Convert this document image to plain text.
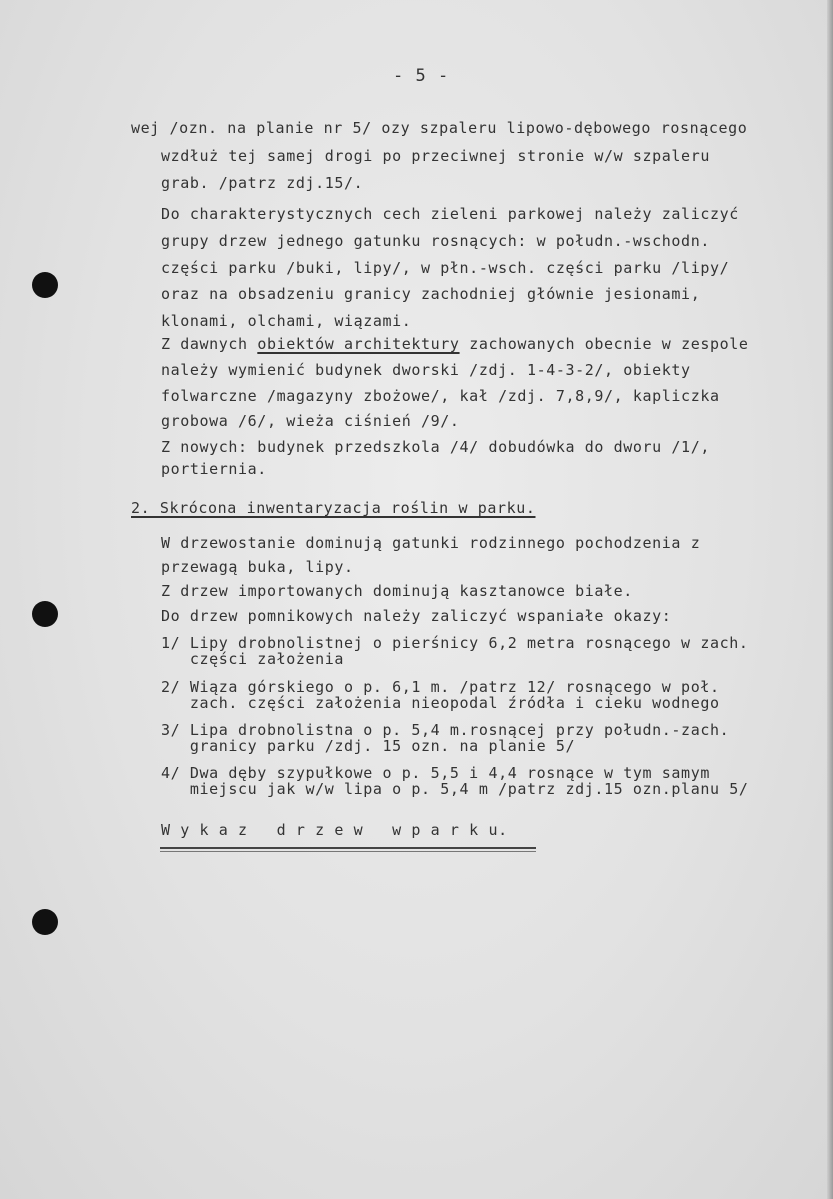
- 5 -
wej /ozn. na planie nr 5/ ozy szpaleru lipowo-dębowego rosnącego
wzdłuż tej samej drogi po przeciwnej stronie w/w szpaleru
grab. /patrz zdj.15/.
Do charakterystycznych cech zieleni parkowej należy zaliczyć
grupy drzew jednego gatunku rosnących: w połudn.-wschodn.
części parku /buki, lipy/, w płn.-wsch. części parku /lipy/
oraz na obsadzeniu granicy zachodniej głównie jesionami,
klonami, olchami, wiązami.
Z dawnych obiektów architektury zachowanych obecnie w zespole
należy wymienić budynek dworski /zdj. 1-4-3-2/, obiekty
folwarczne /magazyny zbożowe/, kał /zdj. 7,8,9/, kapliczka
grobowa /6/, wieża ciśnień /9/.
Z nowych: budynek przedszkola /4/ dobudówka do dworu /1/,
portiernia.
2. Skrócona inwentaryzacja roślin w parku.
W drzewostanie dominują gatunki rodzinnego pochodzenia z
przewagą buka, lipy.
Z drzew importowanych dominują kasztanowce białe.
Do drzew pomnikowych należy zaliczyć wspaniałe okazy:
1/ Lipy drobnolistnej o pierśnicy 6,2 metra rosnącego w zach.
części założenia
2/ Wiąza górskiego o p. 6,1 m. /patrz 12/ rosnącego w poł.
zach. części założenia nieopodal źródła i cieku wodnego
3/ Lipa drobnolistna o p. 5,4 m.rosnącej przy połudn.-zach.
granicy parku /zdj. 15 ozn. na planie 5/
4/ Dwa dęby szypułkowe o p. 5,5 i 4,4 rosnące w tym samym
miejscu jak w/w lipa o p. 5,4 m /patrz zdj.15 ozn.planu 5/
W y k a z   d r z e w   w p a r k u.
